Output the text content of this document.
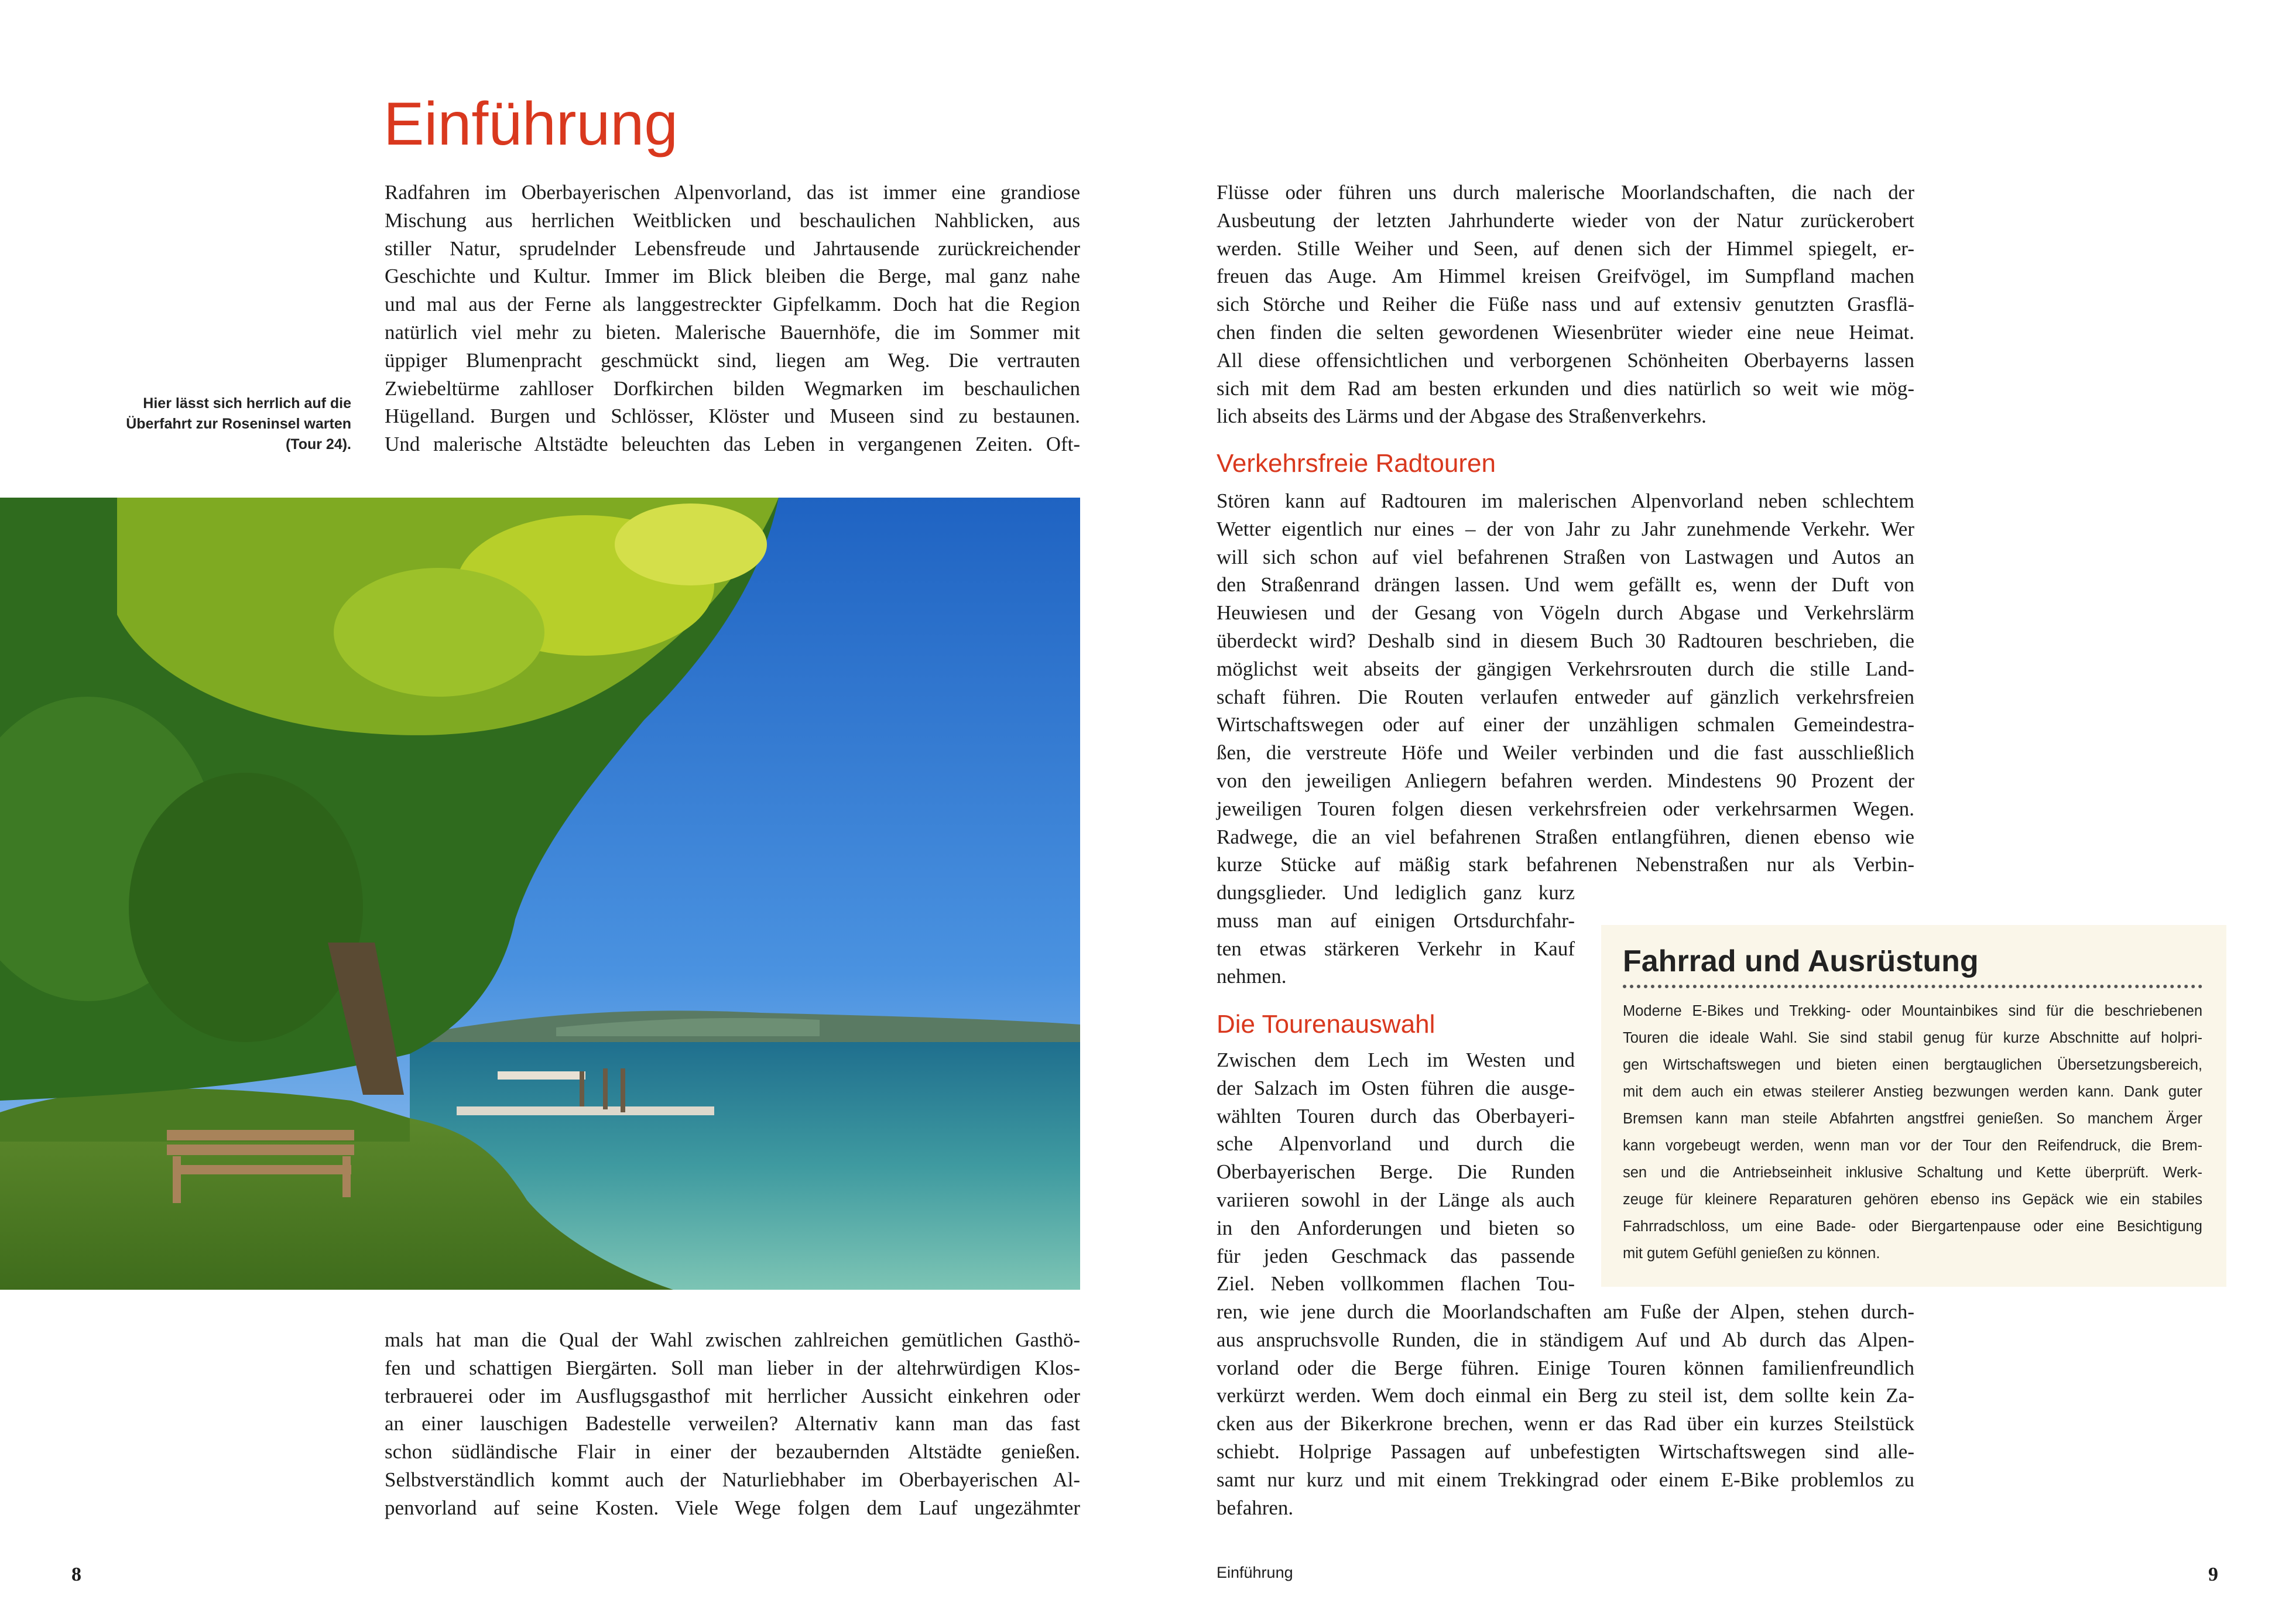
Einführung
Radfahren im Oberbayerischen Alpenvorland, das ist immer eine grandiose
Mischung aus herrlichen Weitblicken und beschaulichen Nahblicken, aus
stiller Natur, sprudelnder Lebensfreude und Jahrtausende zurückreichender
Geschichte und Kultur. Immer im Blick bleiben die Berge, mal ganz nahe
und mal aus der Ferne als langgestreckter Gipfelkamm. Doch hat die Region
natürlich viel mehr zu bieten. Malerische Bauernhöfe, die im Sommer mit
üppiger Blumenpracht geschmückt sind, liegen am Weg. Die vertrauten
Zwiebeltürme zahlloser Dorfkirchen bilden Wegmarken im beschaulichen
Hügelland. Burgen und Schlösser, Klöster und Museen sind zu bestaunen.
Und malerische Altstädte beleuchten das Leben in vergangenen Zeiten. Oft-
Hier lässt sich herrlich auf die
Überfahrt zur Roseninsel warten
(Tour 24).
mals hat man die Qual der Wahl zwischen zahlreichen gemütlichen Gasthö-
fen und schattigen Biergärten. Soll man lieber in der altehrwürdigen Klos-
terbrauerei oder im Ausflugsgasthof mit herrlicher Aussicht einkehren oder
an einer lauschigen Badestelle verweilen? Alternativ kann man das fast
schon südländische Flair in einer der bezaubernden Altstädte genießen.
Selbstverständlich kommt auch der Naturliebhaber im Oberbayerischen Al-
penvorland auf seine Kosten. Viele Wege folgen dem Lauf ungezähmter
8
Flüsse oder führen uns durch malerische Moorlandschaften, die nach der
Ausbeutung der letzten Jahrhunderte wieder von der Natur zurückerobert
werden. Stille Weiher und Seen, auf denen sich der Himmel spiegelt, er-
freuen das Auge. Am Himmel kreisen Greifvögel, im Sumpfland machen
sich Störche und Reiher die Füße nass und auf extensiv genutzten Grasflä-
chen finden die selten gewordenen Wiesenbrüter wieder eine neue Heimat.
All diese offensichtlichen und verborgenen Schönheiten Oberbayerns lassen
sich mit dem Rad am besten erkunden und dies natürlich so weit wie mög-
lich abseits des Lärms und der Abgase des Straßenverkehrs.
Verkehrsfreie Radtouren
Stören kann auf Radtouren im malerischen Alpenvorland neben schlechtem
Wetter eigentlich nur eines – der von Jahr zu Jahr zunehmende Verkehr. Wer
will sich schon auf viel befahrenen Straßen von Lastwagen und Autos an
den Straßenrand drängen lassen. Und wem gefällt es, wenn der Duft von
Heuwiesen und der Gesang von Vögeln durch Abgase und Verkehrslärm
überdeckt wird? Deshalb sind in diesem Buch 30 Radtouren beschrieben, die
möglichst weit abseits der gängigen Verkehrsrouten durch die stille Land-
schaft führen. Die Routen verlaufen entweder auf gänzlich verkehrsfreien
Wirtschaftswegen oder auf einer der unzähligen schmalen Gemeindestra-
ßen, die verstreute Höfe und Weiler verbinden und die fast ausschließlich
von den jeweiligen Anliegern befahren werden. Mindestens 90 Prozent der
jeweiligen Touren folgen diesen verkehrsfreien oder verkehrsarmen Wegen.
Radwege, die an viel befahrenen Straßen entlangführen, dienen ebenso wie
kurze Stücke auf mäßig stark befahrenen Nebenstraßen nur als Verbin-
dungsglieder. Und lediglich ganz kurz
muss man auf einigen Ortsdurchfahr-
ten etwas stärkeren Verkehr in Kauf
nehmen.
Die Tourenauswahl
Zwischen dem Lech im Westen und
der Salzach im Osten führen die ausge-
wählten Touren durch das Oberbayeri-
sche Alpenvorland und durch die
Oberbayerischen Berge. Die Runden
variieren sowohl in der Länge als auch
in den Anforderungen und bieten so
für jeden Geschmack das passende
Ziel. Neben vollkommen flachen Tou-
ren, wie jene durch die Moorlandschaften am Fuße der Alpen, stehen durch-
aus anspruchsvolle Runden, die in ständigem Auf und Ab durch das Alpen-
vorland oder die Berge führen. Einige Touren können familienfreundlich
verkürzt werden. Wem doch einmal ein Berg zu steil ist, dem sollte kein Za-
cken aus der Bikerkrone brechen, wenn er das Rad über ein kurzes Steilstück
schiebt. Holprige Passagen auf unbefestigten Wirtschaftswegen sind alle-
samt nur kurz und mit einem Trekkingrad oder einem E-Bike problemlos zu
befahren.
Fahrrad und Ausrüstung
Moderne E-Bikes und Trekking- oder Mountainbikes sind für die beschriebenen
Touren die ideale Wahl. Sie sind stabil genug für kurze Abschnitte auf holpri-
gen Wirtschaftswegen und bieten einen bergtauglichen Übersetzungsbereich,
mit dem auch ein etwas steilerer Anstieg bezwungen werden kann. Dank guter
Bremsen kann man steile Abfahrten angstfrei genießen. So manchem Ärger
kann vorgebeugt werden, wenn man vor der Tour den Reifendruck, die Brem-
sen und die Antriebseinheit inklusive Schaltung und Kette überprüft. Werk-
zeuge für kleinere Reparaturen gehören ebenso ins Gepäck wie ein stabiles
Fahrradschloss, um eine Bade- oder Biergartenpause oder eine Besichtigung
mit gutem Gefühl genießen zu können.
Einführung	9
